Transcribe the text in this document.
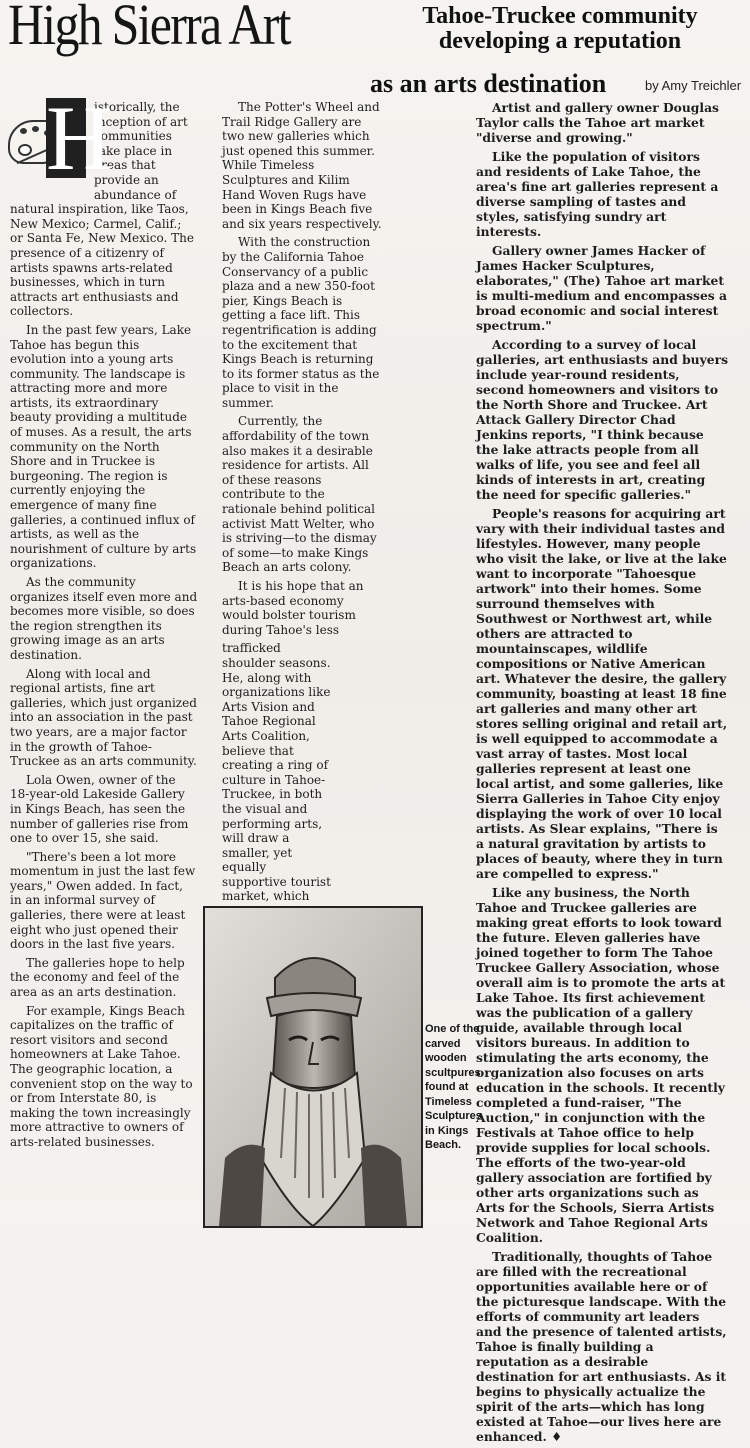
High Sierra Art	Tahoe-Truckee community
developing a reputation
as an arts destination	by Amy Treichler
H

istorically, the inception of art communities take place in areas that provide an abundance of natural inspiration, like Taos, New Mexico; Carmel, Calif.; or Santa Fe, New Mexico. The presence of a citizenry of artists spawns arts-related businesses, which in turn attracts art enthusiasts and collectors.

In the past few years, Lake Tahoe has begun this evolution into a young arts community. The landscape is attracting more and more artists, its extraordinary beauty providing a multitude of muses. As a result, the arts community on the North Shore and in Truckee is burgeoning. The region is currently enjoying the emergence of many fine galleries, a continued influx of artists, as well as the nourishment of culture by arts organizations.

As the community organizes itself even more and becomes more visible, so does the region strengthen its growing image as an arts destination.

Along with local and regional artists, fine art galleries, which just organized into an association in the past two years, are a major factor in the growth of Tahoe-Truckee as an arts community.

Lola Owen, owner of the 18-year-old Lakeside Gallery in Kings Beach, has seen the number of galleries rise from one to over 15, she said.

"There's been a lot more momentum in just the last few years," Owen added. In fact, in an informal survey of galleries, there were at least eight who just opened their doors in the last five years.

The galleries hope to help the economy and feel of the area as an arts destination.

For example, Kings Beach capitalizes on the traffic of resort visitors and second homeowners at Lake Tahoe. The geographic location, a convenient stop on the way to or from Interstate 80, is making the town increasingly more attractive to owners of arts-related businesses.

The Potter's Wheel and Trail Ridge Gallery are two new galleries which just opened this summer. While Timeless Sculptures and Kilim Hand Woven Rugs have been in Kings Beach five and six years respectively.

With the construction by the California Tahoe Conservancy of a public plaza and a new 350-foot pier, Kings Beach is getting a face lift. This regentrification is adding to the excitement that Kings Beach is returning to its former status as the place to visit in the summer.

Currently, the affordability of the town also makes it a desirable residence for artists. All of these reasons contribute to the rationale behind political activist Matt Welter, who is striving—to the dismay of some—to make Kings Beach an arts colony.

It is his hope that an arts-based economy would bolster tourism during Tahoe's less

trafficked shoulder seasons. He, along with organizations like Arts Vision and Tahoe Regional Arts Coalition, believe that creating a ring of culture in Tahoe-Truckee, in both the visual and performing arts, will draw a smaller, yet equally supportive tourist market, which

Artist and gallery owner Douglas Taylor calls the Tahoe art market "diverse and growing."

Like the population of visitors and residents of Lake Tahoe, the area's fine art galleries represent a diverse sampling of tastes and styles, satisfying sundry art interests.

Gallery owner James Hacker of James Hacker Sculptures, elaborates," (The) Tahoe art market is multi-medium and encompasses a broad economic and social interest spectrum."

According to a survey of local galleries, art enthusiasts and buyers include year-round residents, second homeowners and visitors to the North Shore and Truckee. Art Attack Gallery Director Chad Jenkins reports, "I think because the lake attracts people from all walks of life, you see and feel all kinds of interests in art, creating the need for specific galleries."

People's reasons for acquiring art vary with their individual tastes and lifestyles. However, many people who visit the lake, or live at the lake want to incorporate "Tahoesque artwork" into their homes. Some surround themselves with Southwest or Northwest art, while others are attracted to mountainscapes, wildlife compositions or Native American art. Whatever the desire, the gallery community, boasting at least 18 fine art galleries and many other art stores selling original and retail art, is well equipped to accommodate a vast array of tastes. Most local galleries represent at least one local artist, and some galleries, like Sierra Galleries in Tahoe City enjoy displaying the work of over 10 local artists. As Slear explains, "There is a natural gravitation by artists to places of beauty, where they in turn are compelled to express."

Like any business, the North Tahoe and Truckee galleries are making great efforts to look toward the future. Eleven galleries have joined together to form The Tahoe Truckee Gallery Association, whose overall aim is to promote the arts at Lake Tahoe. Its first achievement was the publication of a gallery guide, available through local visitors bureaus. In addition to stimulating the arts economy, the organization also focuses on arts education in the schools. It recently completed a fund-raiser, "The Auction," in conjunction with the Festivals at Tahoe office to help provide supplies for local schools. The efforts of the two-year-old gallery association are fortified by other arts organizations such as Arts for the Schools, Sierra Artists Network and Tahoe Regional Arts Coalition.

Traditionally, thoughts of Tahoe are filled with the recreational opportunities available here or of the picturesque landscape. With the efforts of community art leaders and the presence of talented artists, Tahoe is finally building a reputation as a desirable destination for art enthusiasts. As it begins to physically actualize the spirit of the arts—which has long existed at Tahoe—our lives here are enhanced. ♦

One of the carved wooden scultpures found at Timeless Sculptures in Kings Beach.
